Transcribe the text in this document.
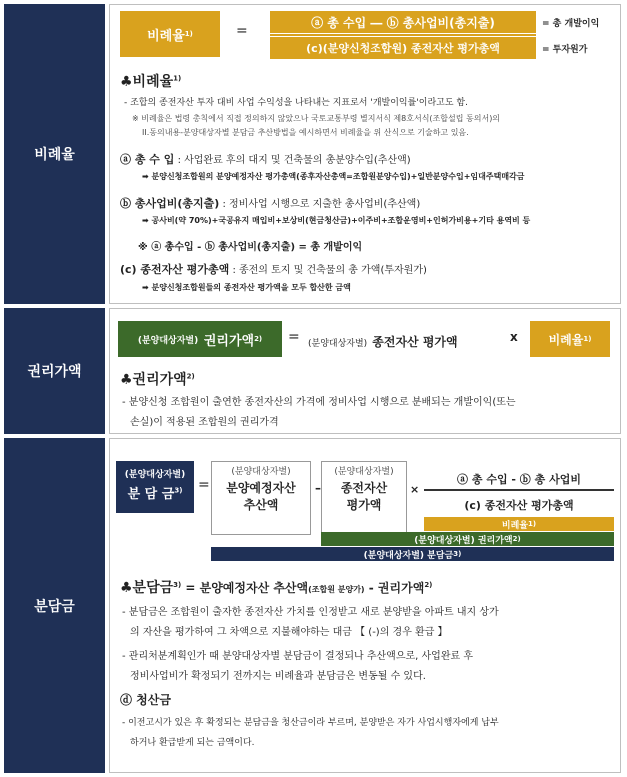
비례율
비례율 1)	=
ⓐ 총 수입 ― ⓑ 총사업비(총지출)
(c)(분양신청조합원) 종전자산 평가총액
= 총 개발이익
= 투자원가
♣비례율$^{1)}$
- 조합의 종전자산 투자 대비 사업 수익성을 나타내는 지표로서 '개발이익률'이라고도 함.
※ 비례율은 법령 총칙에서 직접 정의하지 않았으나 국토교통부령 별지서식 제8호서식(조합설립 동의서)의
II.동의내용-분양대상자별 분담금 추산방법을 예시하면서 비례율을 위 산식으로 기술하고 있음.
ⓐ 총 수 입 : 사업완료 후의 대지 및 건축물의 총분양수입(추산액)
➡ 분양신청조합원의 분양예정자산 평가총액(종후자산총액=조합원분양수입)+일반분양수입+임대주택매각금
ⓑ 총사업비(총지출) : 정비사업 시행으로 지출한 총사업비(추산액)
➡ 공사비(약 70%)+국공유지 매입비+보상비(현금청산금)+이주비+조합운영비+인허가비용+기타 용역비 등
※ ⓐ 총수입 - ⓑ 총사업비(총지출) = 총 개발이익
(c) 종전자산 평가총액 : 종전의 토지 및 건축물의 총 가액(투자원가)
➡ 분양신청조합원들의 종전자산 평가액을 모두 합산한 금액
권리가액
(분양대상자별)
권리가액 2) = (분양대상자별) 종전자산 평가액	x	비례율 1)
♣권리가액$^{2)}$
- 분양신청 조합원이 출연한 종전자산의 가격에 정비사업 시행으로 분배되는 개발이익(또는
손실)이 적용된 조합원의 권리가격
분담금
(분양대상자별)
분 담 금$^{3)}$	=
(분양대상자별)
분양예정자산
추산액
–
(분양대상자별)
종전자산
평가액
×
ⓐ 총 수입 - ⓑ 총 사업비
(c) 종전자산 평가총액
비례율 1)
(분양대상자별) 권리가액 2)
(분양대상자별) 분담금 3)
♣분담금$^{3)}$ = 분양예정자산 추산액(조합원 분양가) - 권리가액$^{2)}$
- 분담금은 조합원이 출자한 종전자산 가치를 인정받고 새로 분양받을 아파트 내지 상가
의 자산을 평가하여 그 차액으로 지불해야하는 대금 【 (-)의 경우 환급 】
- 관리처분계획인가 때 분양대상자별 분담금이 결정되나 추산액으로, 사업완료 후
정비사업비가 확정되기 전까지는 비례율과 분담금은 변동될 수 있다.
ⓓ 청산금
- 이전고시가 있은 후 확정되는 분담금을 청산금이라 부르며, 분양받은 자가 사업시행자에게 납부
하거나 환급받게 되는 금액이다.
